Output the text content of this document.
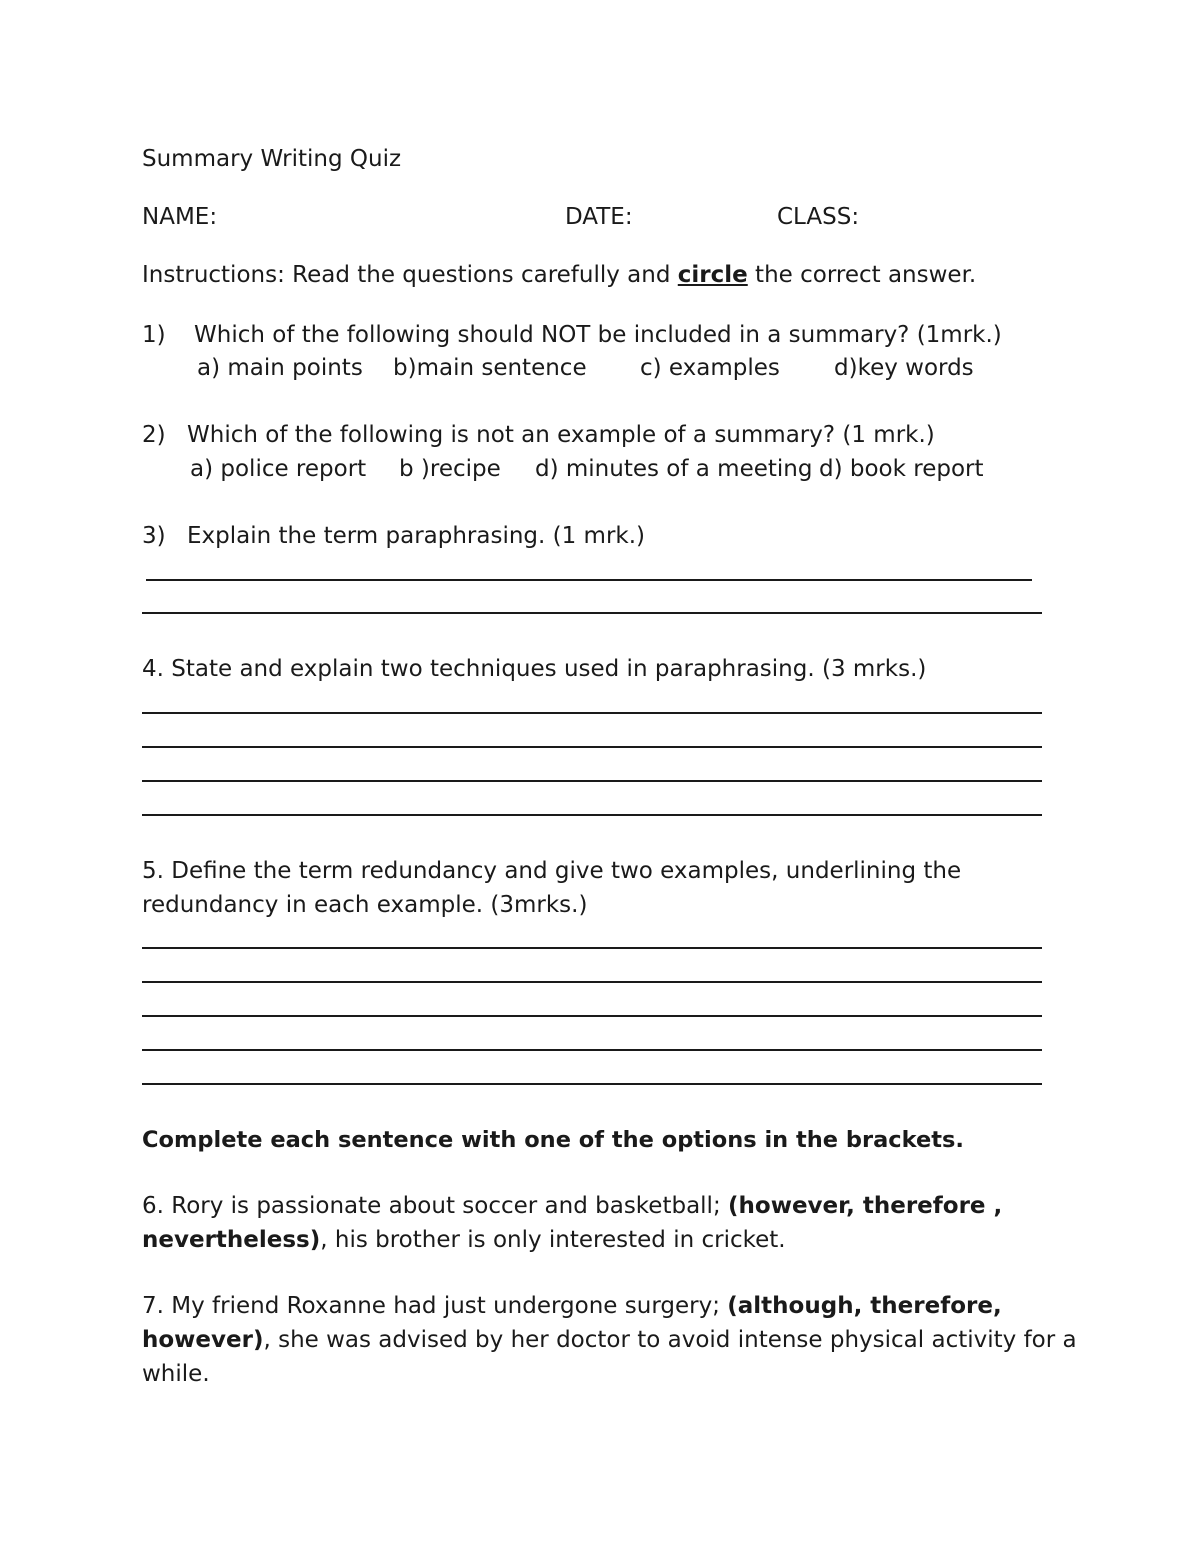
Summary Writing Quiz
NAME:	DATE:	CLASS:
Instructions: Read the questions carefully and circle the correct answer.
1) Which of the following should NOT be included in a summary? (1mrk.)
a) main points b)main sentence c) examples d)key words
2) Which of the following is not an example of a summary? (1 mrk.)
a) police report b )recipe d) minutes of a meeting d) book report
3) Explain the term paraphrasing. (1 mrk.)
4. State and explain two techniques used in paraphrasing. (3 mrks.)
5. Define the term redundancy and give two examples, underlining the
redundancy in each example. (3mrks.)
Complete each sentence with one of the options in the brackets.
6. Rory is passionate about soccer and basketball; (however, therefore ,
nevertheless), his brother is only interested in cricket.
7. My friend Roxanne had just undergone surgery; (although, therefore,
however), she was advised by her doctor to avoid intense physical activity for a
while.
